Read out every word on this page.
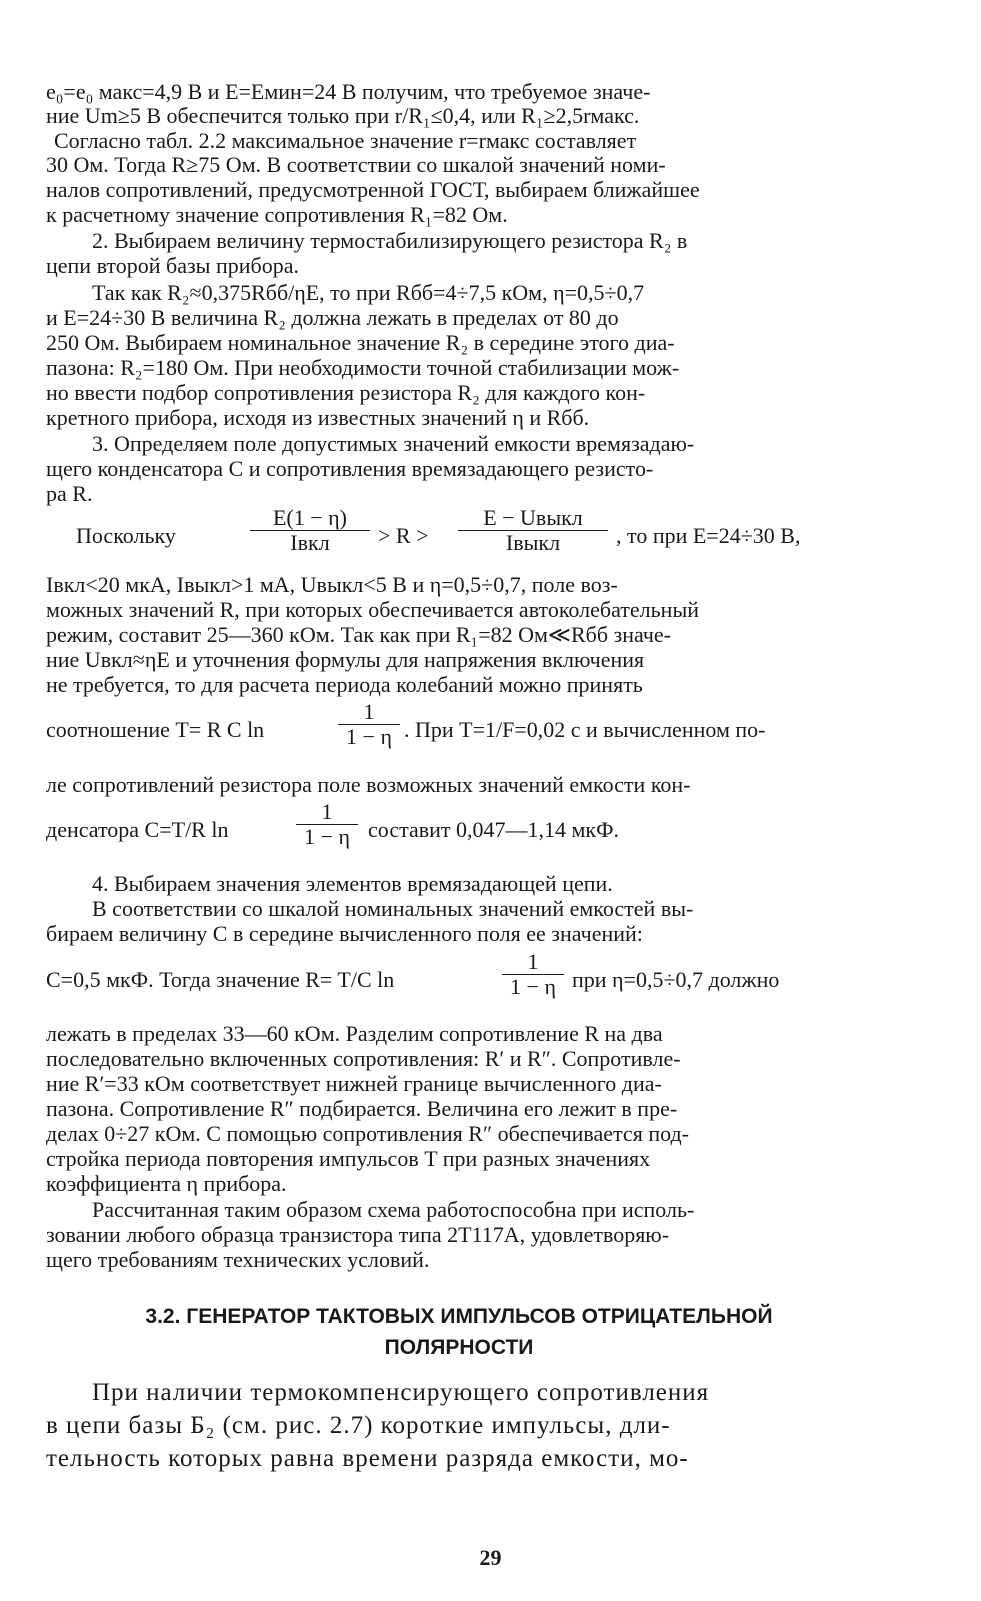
e₀=e₀ макс=4,9 В и E=Eмин=24 В получим, что требуемое значе-
ние Um≥5 В обеспечится только при r/R₁≤0,4, или R₁≥2,5rмакс.
Согласно табл. 2.2 максимальное значение r=rмакс составляет
30 Ом. Тогда R≥75 Ом. В соответствии со шкалой значений номи-
налов сопротивлений, предусмотренной ГОСТ, выбираем ближайшее
к расчетному значение сопротивления R₁=82 Ом.
2. Выбираем величину термостабилизирующего резистора R₂ в
цепи второй базы прибора.
Так как R₂≈0,375Rбб/ηE, то при Rбб=4÷7,5 кОм, η=0,5÷0,7
и E=24÷30 В величина R₂ должна лежать в пределах от 80 до
250 Ом. Выбираем номинальное значение R₂ в середине этого диа-
пазона: R₂=180 Ом. При необходимости точной стабилизации мож-
но ввести подбор сопротивления резистора R₂ для каждого кон-
кретного прибора, исходя из известных значений η и Rбб.
3. Определяем поле допустимых значений емкости времязадаю-
щего конденсатора C и сопротивления времязадающего резисто-
ра R.
Поскольку
E(1 − η)
Iвкл	> R >
E − Uвыкл
Iвыкл	, то при E=24÷30 В,
Iвкл<20 мкА, Iвыкл>1 мА, Uвыкл<5 В и η=0,5÷0,7, поле воз-
можных значений R, при которых обеспечивается автоколебательный
режим, составит 25—360 кОм. Так как при R₁=82 Ом≪Rбб значе-
ние Uвкл≈ηE и уточнения формулы для напряжения включения
не требуется, то для расчета периода колебаний можно принять
соотношение T= R C ln	$\frac{1}{1 - \eta}$ . При T=1/F=0,02 с и вычисленном по-
ле сопротивлений резистора поле возможных значений емкости кон-
денсатора C=T/R ln	$\frac{1}{1 - \eta}$ составит 0,047—1,14 мкФ.
4. Выбираем значения элементов времязадающей цепи.
В соответствии со шкалой номинальных значений емкостей вы-
бираем величину C в середине вычисленного поля ее значений:
C=0,5 мкФ. Тогда значение R= T/C ln	$\frac{1}{1 - \eta}$ при η=0,5÷0,7 должно
лежать в пределах 33—60 кОм. Разделим сопротивление R на два
последовательно включенных сопротивления: R′ и R″. Сопротивле-
ние R′=33 кОм соответствует нижней границе вычисленного диа-
пазона. Сопротивление R″ подбирается. Величина его лежит в пре-
делах 0÷27 кОм. С помощью сопротивления R″ обеспечивается под-
стройка периода повторения импульсов T при разных значениях
коэффициента η прибора.
Рассчитанная таким образом схема работоспособна при исполь-
зовании любого образца транзистора типа 2Т117А, удовлетворяю-
щего требованиям технических условий.
3.2. ГЕНЕРАТОР ТАКТОВЫХ ИМПУЛЬСОВ ОТРИЦАТЕЛЬНОЙ
ПОЛЯРНОСТИ
При наличии термокомпенсирующего сопротивления
в цепи базы Б₂ (см. рис. 2.7) короткие импульсы, дли-
тельность которых равна времени разряда емкости, мо-
29
